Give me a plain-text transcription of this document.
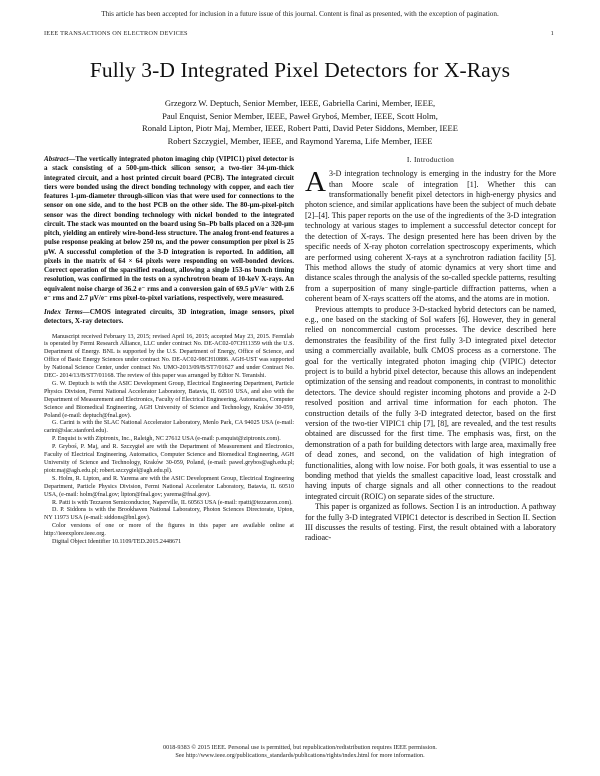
This article has been accepted for inclusion in a future issue of this journal. Content is final as presented, with the exception of pagination.
IEEE TRANSACTIONS ON ELECTRON DEVICES	1
Fully 3-D Integrated Pixel Detectors for X-Rays
Grzegorz W. Deptuch, Senior Member, IEEE, Gabriella Carini, Member, IEEE,
Paul Enquist, Senior Member, IEEE, Paweł Gryboś, Member, IEEE, Scott Holm,
Ronald Lipton, Piotr Maj, Member, IEEE, Robert Patti, David Peter Siddons, Member, IEEE
Robert Szczygiel, Member, IEEE, and Raymond Yarema, Life Member, IEEE
Abstract—The vertically integrated photon imaging chip (VIPIC1) pixel detector is a stack consisting of a 500-μm-thick silicon sensor, a two-tier 34-μm-thick integrated circuit, and a host printed circuit board (PCB). The integrated circuit tiers were bonded using the direct bonding technology with copper, and each tier features 1-μm-diameter through-silicon vias that were used for connections to the sensor on one side, and to the host PCB on the other side. The 80-μm-pixel-pitch sensor was the direct bonding technology with nickel bonded to the integrated circuit. The stack was mounted on the board using Sn–Pb balls placed on a 320-μm pitch, yielding an entirely wire-bond-less structure. The analog front-end features a pulse response peaking at below 250 ns, and the power consumption per pixel is 25 μW. A successful completion of the 3-D integration is reported. In addition, all pixels in the matrix of 64 × 64 pixels were responding on well-bonded devices. Correct operation of the sparsified readout, allowing a single 153-ns bunch timing resolution, was confirmed in the tests on a synchrotron beam of 10-keV X-rays. An equivalent noise charge of 36.2 e⁻ rms and a conversion gain of 69.5 μV/e⁻ with 2.6 e⁻ rms and 2.7 μV/e⁻ rms pixel-to-pixel variations, respectively, were measured.
Index Terms—CMOS integrated circuits, 3D integration, image sensors, pixel detectors, X-ray detectors.

Manuscript received February 13, 2015; revised April 16, 2015; accepted May 23, 2015. Fermilab is operated by Fermi Research Alliance, LLC under contract No. DE-AC02-07CH11359 with the U.S. Department of Energy. BNL is supported by the U.S. Department of Energy, Office of Science, and Office of Basic Energy Sciences under contract No. DE-AC02-98CH10886. AGH-UST was supported by National Science Center, under contract No. UMO-2013/09/B/ST7/01627 and under Contract No. DEC- 2014/13/B/ST7/01168. The review of this paper was arranged by Editor N. Teranishi.

G. W. Deptuch is with the ASIC Development Group, Electrical Engineering Department, Particle Physics Division, Fermi National Accelerator Laboratory, Batavia, IL 60510 USA, and also with the Department of Measurement and Electronics, Faculty of Electrical Engineering, Automatics, Computer Science and Biomedical Engineering, AGH University of Science and Technology, Kraków 30-059, Poland (e-mail: deptuch@fnal.gov).

G. Carini is with the SLAC National Accelerator Laboratory, Menlo Park, CA 94025 USA (e-mail: carini@slac.stanford.edu).

P. Enquist is with Ziptronix, Inc., Raleigh, NC 27612 USA (e-mail: p.enquist@ziptronix.com).

P. Gryboś, P. Maj, and R. Szczygieł are with the Department of Measurement and Electronics, Faculty of Electrical Engineering, Automatics, Computer Science and Biomedical Engineering, AGH University of Science and Technology, Kraków 30-059, Poland, (e-mail: pawel.grybos@agh.edu.pl; piotr.maj@agh.edu.pl; robert.szczygiel@agh.edu.pl).

S. Holm, R. Lipton, and R. Yarema are with the ASIC Development Group, Electrical Engineering Department, Particle Physics Division, Fermi National Accelerator Laboratory, Batavia, IL 60510 USA, (e-mail: holm@fnal.gov; lipton@fnal.gov; yarema@fnal.gov).

R. Patti is with Tezzaron Semiconductor, Naperville, IL 60563 USA (e-mail: rpatti@tezzaron.com).

D. P. Siddons is with the Brookhaven National Laboratory, Photon Sciences Directorate, Upton, NY 11973 USA (e-mail: siddons@bnl.gov).

Color versions of one or more of the figures in this paper are available online at http://ieeexplore.ieee.org.

Digital Object Identifier 10.1109/TED.2015.2448671

I. Introduction

A 3-D integration technology is emerging in the industry for the More than Moore scale of integration [1]. Whether this can transformationally benefit pixel detectors in high-energy physics and photon science, and similar applications have been the subject of much debate [2]–[4]. This paper reports on the use of the ingredients of the 3-D integration technology at various stages to implement a successful detector concept for the detection of X-rays. The design presented here has been driven by the specific needs of X-ray photon correlation spectroscopy experiments, which are performed using coherent X-rays at a synchrotron radiation facility [5]. This method allows the study of atomic dynamics at very short time and distance scales through the analysis of the so-called speckle patterns, resulting from a superposition of many single-particle diffraction patterns, when a coherent beam of X-rays scatters off the atoms, and the atoms are in motion.

Previous attempts to produce 3-D-stacked hybrid detectors can be named, e.g., one based on the stacking of SoI wafers [6]. However, they in general relied on noncommercial custom processes. The device described here demonstrates the feasibility of the first fully 3-D integrated pixel detector using a commercially available, bulk CMOS process as a cornerstone. The goal for the vertically integrated photon imaging chip (VIPIC) detector project is to build a hybrid pixel detector, because this allows an independent optimization of the sensing and readout components, in contrast to monolithic detectors. The device should register incoming photons and provide a 2-D resolved position and arrival time information for each photon. The construction details of the fully 3-D integrated detector, based on the first version of the two-tier VIPIC1 chip [7], [8], are revealed, and the test results obtained are discussed for the first time. The emphasis was, first, on the demonstration of a path for building detectors with large area, maximally free of dead zones, and second, on the validation of high integration of functionalities, along with low noise. For both goals, it was essential to use a bonding method that yields the smallest capacitive load, least crosstalk and having inputs of charge signals and all other connections to the readout integrated circuit (ROIC) on separate sides of the structure.

This paper is organized as follows. Section I is an introduction. A pathway for the fully 3-D integrated VIPIC1 detector is described in Section II. Section III discusses the results of testing. First, the result obtained with a laboratory radioac-

0018-9383 © 2015 IEEE. Personal use is permitted, but republication/redistribution requires IEEE permission.
See http://www.ieee.org/publications_standards/publications/rights/index.html for more information.
